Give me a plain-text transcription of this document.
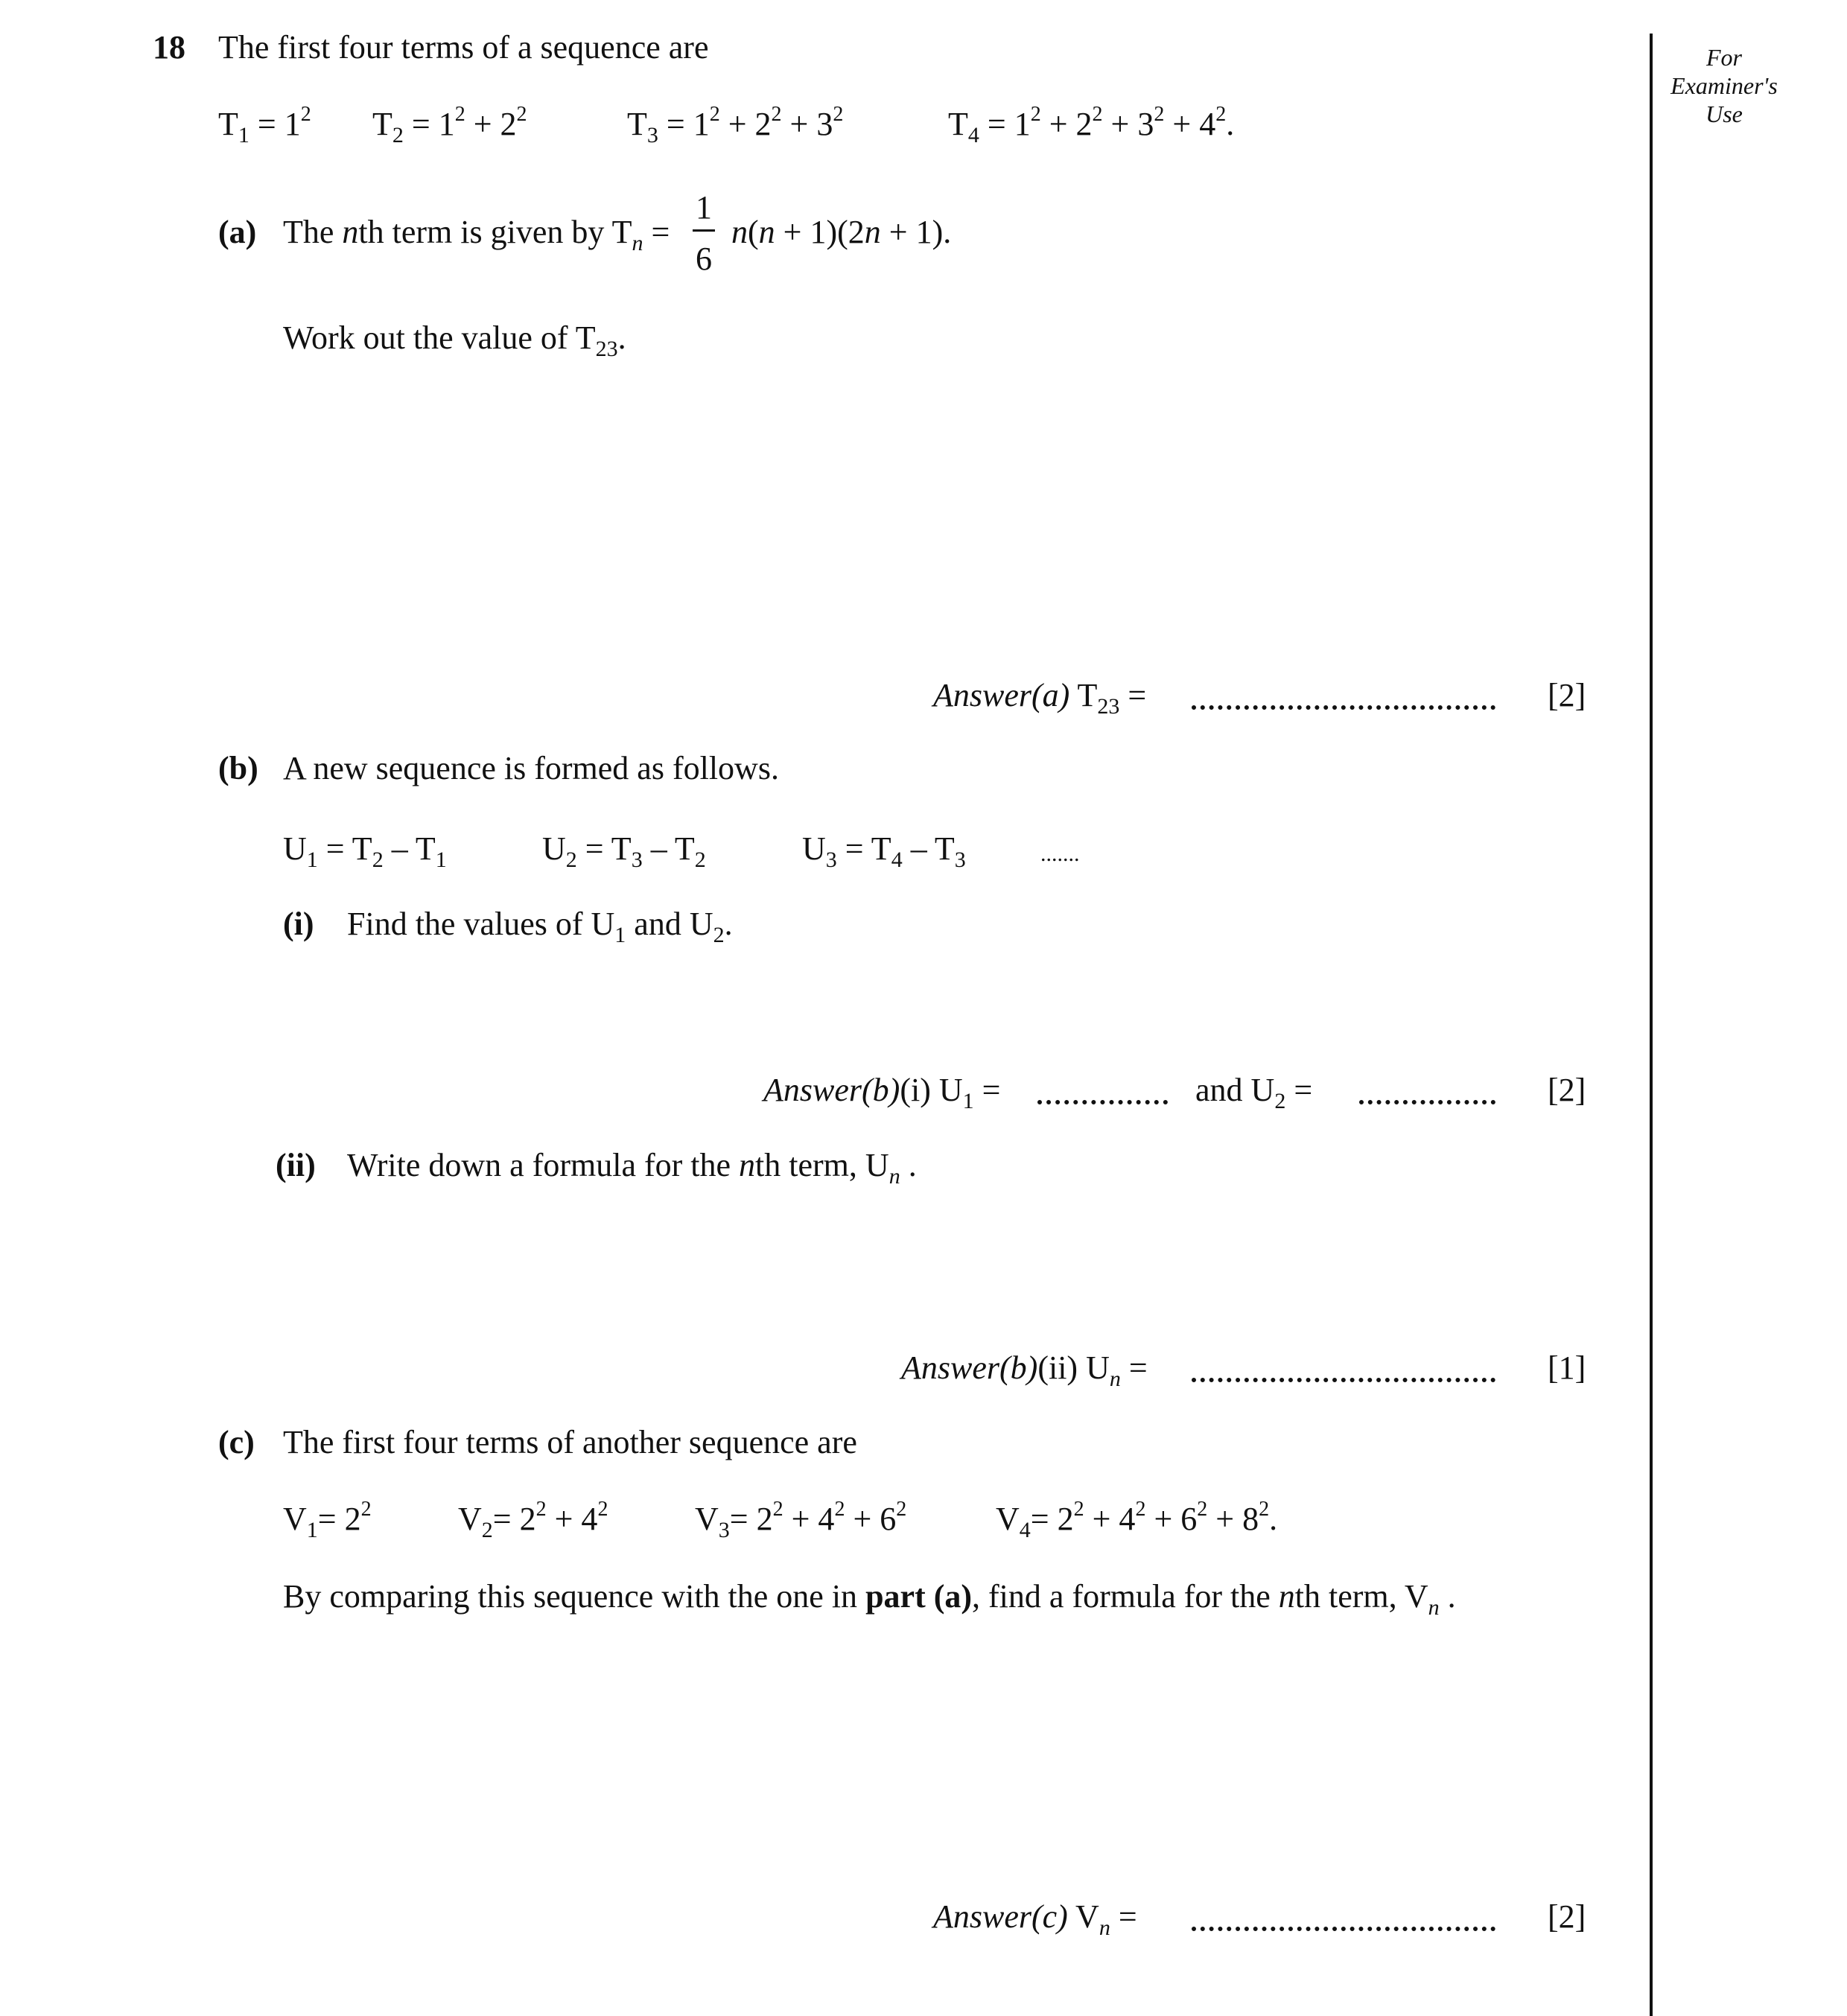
For
Examiner's
Use
18 The first four terms of a sequence are
$T_1 = 1^2$ $T_2 = 1^2 + 2^2$	$T_3 = 1^2 + 2^2 + 3^2$	$T_4 = 1^2 + 2^2 + 3^2 + 4^2$.
(a) The nth term is given by $T_n$ =
1
6
n(n + 1)(2n + 1).
Work out the value of $T_{23}$.
Answer(a) $T_{23}$ =	[2]
(b) A new sequence is formed as follows.
$U_1 = T_2 - T_1$	$U_2 = T_3 - T_2$	$U_3 = T_4 - T_3$	.......
(i) Find the values of $U_1$ and $U_2$.
Answer(b)(i) $U_1$ =	and $U_2$ =	[2]
(ii) Write down a formula for the nth term, $U_n$ .
Answer(b)(ii) $U_n$ =	[1]
(c) The first four terms of another sequence are
$V_1= 2^2$	$V_2= 2^2 + 4^2$	$V_3= 2^2 + 4^2 + 6^2$	$V_4= 2^2 + 4^2 + 6^2 + 8^2$.
By comparing this sequence with the one in part (a), find a formula for the nth term, $V_n$ .
Answer(c) $V_n$ =	[2]
